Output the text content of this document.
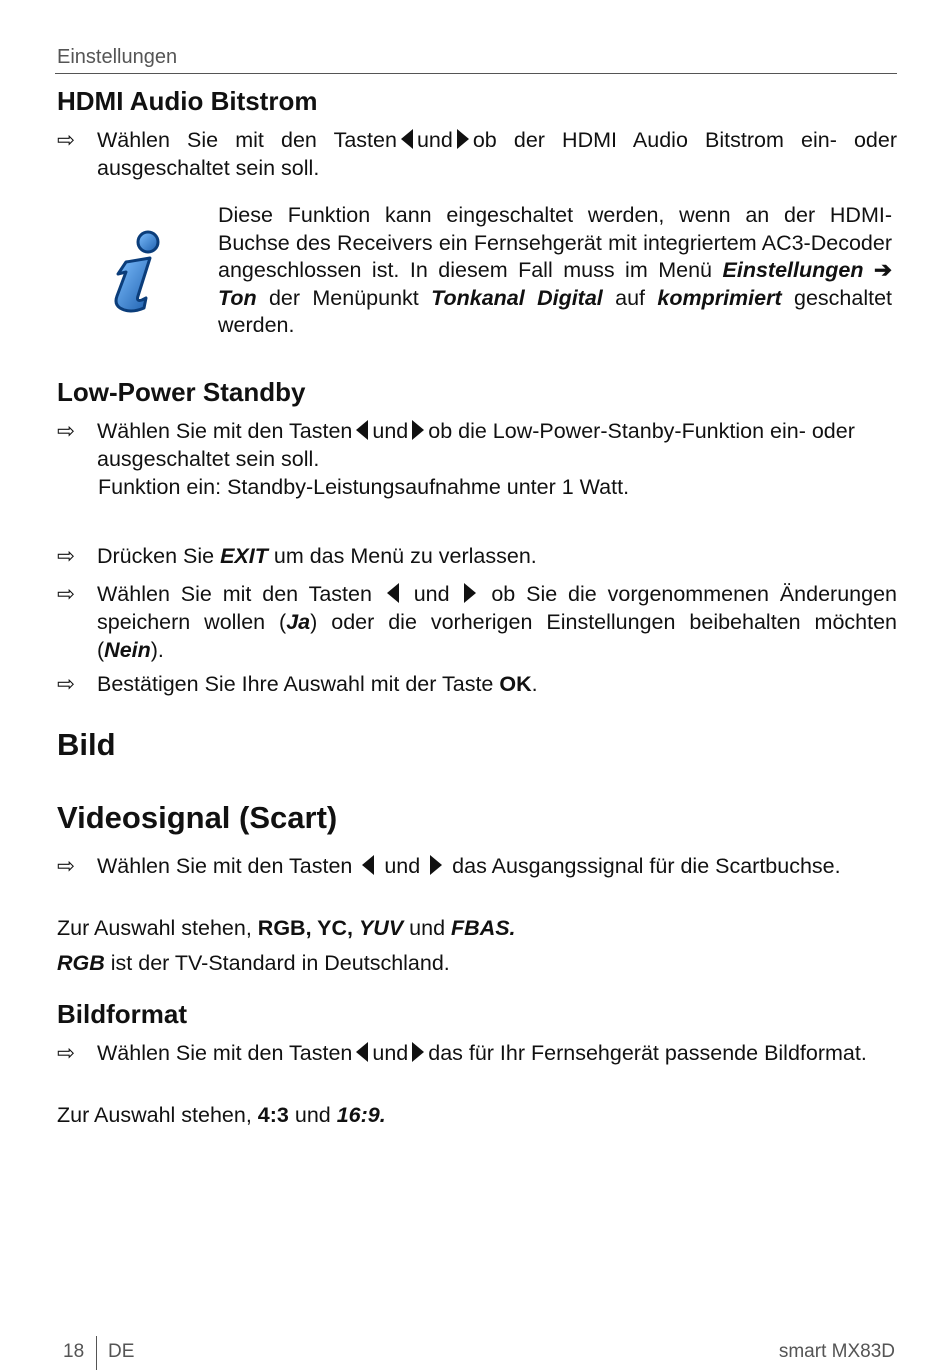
Einstellungen
HDMI Audio Bitstrom
⇨ Wählen Sie mit den Tasten und ob der HDMI Audio Bitstrom ein- oder ausgeschaltet sein soll.
Diese Funktion kann eingeschaltet werden, wenn an der HDMI-Buchse des Receivers ein Fernsehgerät mit integriertem AC3-Decoder angeschlossen ist. In diesem Fall muss im Menü Einstellungen ➔ Ton der Menüpunkt Tonkanal Digital auf komprimiert geschaltet werden.
Low-Power Standby
⇨ Wählen Sie mit den Tasten und ob die Low-Power-Stanby-Funktion ein- oder ausgeschaltet sein soll.
Funktion ein: Standby-Leistungsaufnahme unter 1 Watt.
⇨ Drücken Sie EXIT um das Menü zu verlassen.
⇨ Wählen Sie mit den Tasten und ob Sie die vorgenommenen Änderungen speichern wollen (Ja) oder die vorherigen Einstellungen beibehalten möchten (Nein).
⇨ Bestätigen Sie Ihre Auswahl mit der Taste OK.
Bild
Videosignal (Scart)
⇨ Wählen Sie mit den Tasten und das Ausgangssignal für die Scartbuchse.
Zur Auswahl stehen, RGB, YC, YUV und FBAS.
RGB ist der TV-Standard in Deutschland.
Bildformat
⇨ Wählen Sie mit den Tasten und das für Ihr Fernsehgerät passende Bildformat.
Zur Auswahl stehen, 4:3 und 16:9.
18 DE	smart MX83D
